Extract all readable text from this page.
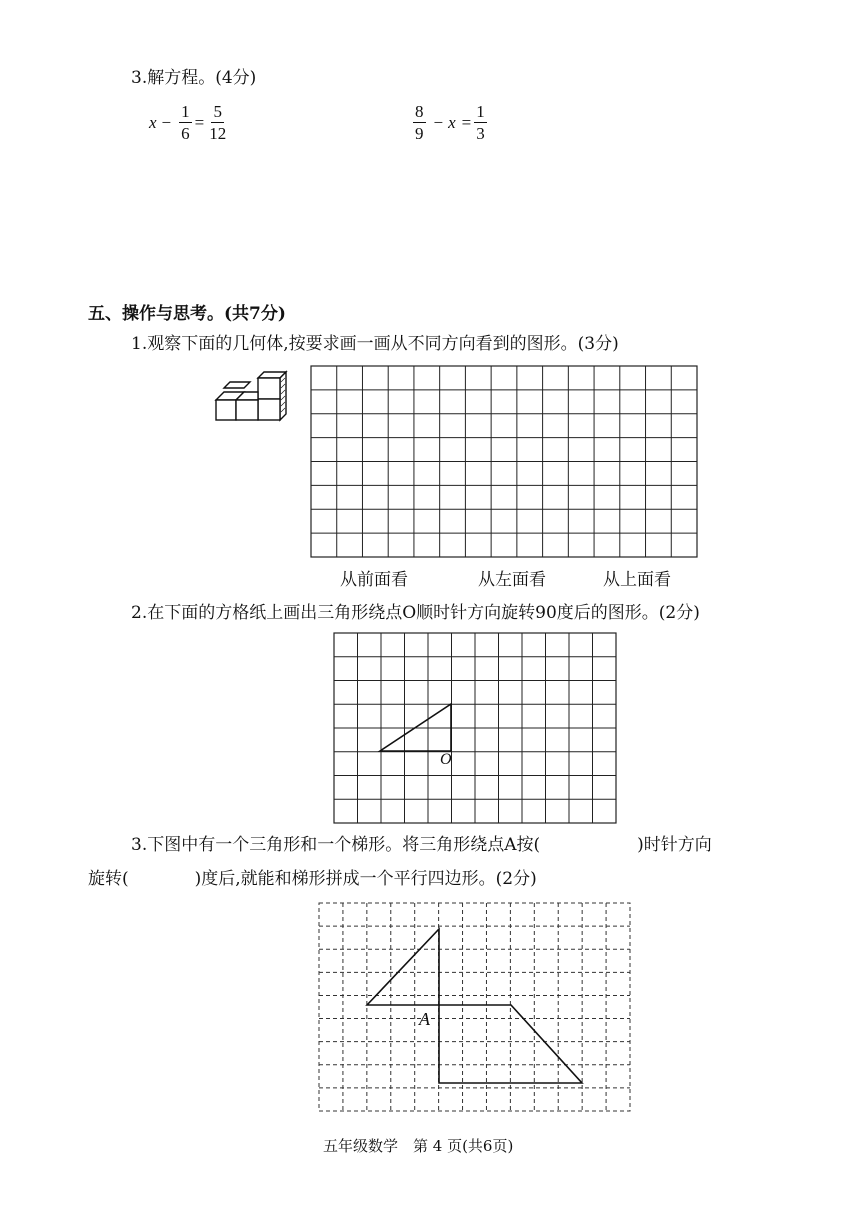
3.解方程。(4分)
$x - \frac{1}{6} = \frac{5}{12}$	$\frac{8}{9} - x = \frac{1}{3}$
五、操作与思考。(共7分)
1.观察下面的几何体,按要求画一画从不同方向看到的图形。(3分)
从前面看	从左面看	从上面看
2.在下面的方格纸上画出三角形绕点O顺时针方向旋转90度后的图形。(2分)
O
3.下图中有一个三角形和一个梯形。将三角形绕点A按(	)时针方向
旋转(	)度后,就能和梯形拼成一个平行四边形。(2分)
A
五年级数学　第 4 页(共6页)
